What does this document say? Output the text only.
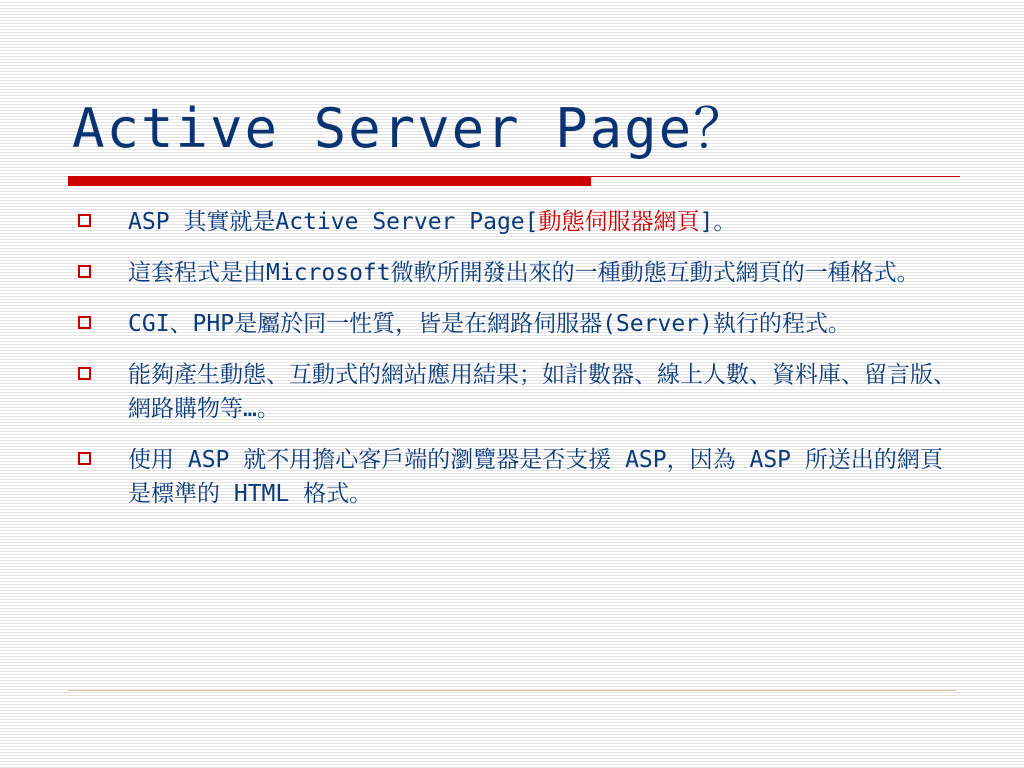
Active Server Page？
ASP 其實就是Active Server Page[動態伺服器網頁]。
這套程式是由Microsoft微軟所開發出來的一種動態互動式網頁的一種格式。
CGI、PHP是屬於同一性質，皆是在網路伺服器(Server)執行的程式。
能夠產生動態、互動式的網站應用結果；如計數器、線上人數、資料庫、留言版、網路購物等…。
使用 ASP 就不用擔心客戶端的瀏覽器是否支援 ASP，因為 ASP 所送出的網頁是標準的 HTML 格式。
